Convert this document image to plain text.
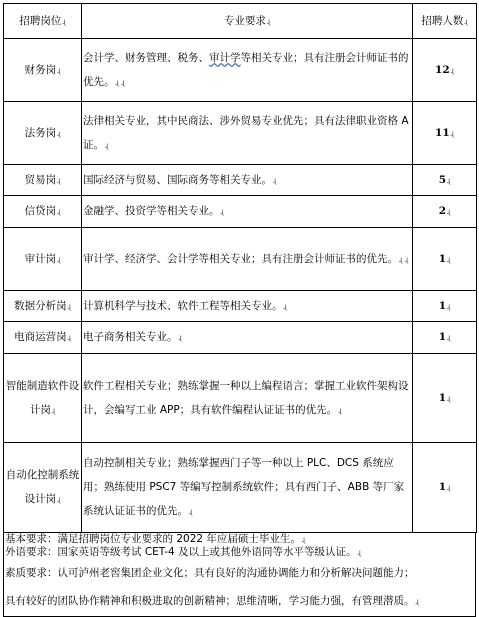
招聘岗位ɻ	专业要求ɻ	招聘人数ɻ
财务岗ɻ	会计学、财务管理、税务、审计学等相关专业；具有注册会计师证书的优先。ɻ ɻ	12ɻ
法务岗ɻ	法律相关专业，其中民商法、涉外贸易专业优先；具有法律职业资格 A 证。ɻ	11ɻ
贸易岗ɻ	国际经济与贸易、国际商务等相关专业。ɻ	5ɻ
信贷岗ɻ	金融学、投资学等相关专业。ɻ	2ɻ
审计岗ɻ	审计学、经济学、会计学等相关专业；具有注册会计师证书的优先。ɻ ɻ	1ɻ
数据分析岗ɻ	计算机科学与技术、软件工程等相关专业。ɻ	1ɻ
电商运营岗ɻ	电子商务相关专业。ɻ	1ɻ
智能制造软件设计岗ɻ	软件工程相关专业；熟练掌握一种以上编程语言；掌握工业软件架构设计，会编写工业 APP；具有软件编程认证证书的优先。ɻ	1ɻ
自动化控制系统设计岗ɻ	自动控制相关专业；熟练掌握西门子等一种以上 PLC、DCS 系统应用；熟练使用 PSC7 等编写控制系统软件；具有西门子、ABB 等厂家系统认证证书的优先。ɻ	1ɻ
基本要求：满足招聘岗位专业要求的 2022 年应届硕士毕业生。ɻ
外语要求：国家英语等级考试 CET-4 及以上或其他外语同等水平等级认证。ɻ
素质要求：认可泸州老窖集团企业文化；具有良好的沟通协调能力和分析解决问题能力；
具有较好的团队协作精神和积极进取的创新精神；思维清晰，学习能力强，有管理潜质。ɻ
